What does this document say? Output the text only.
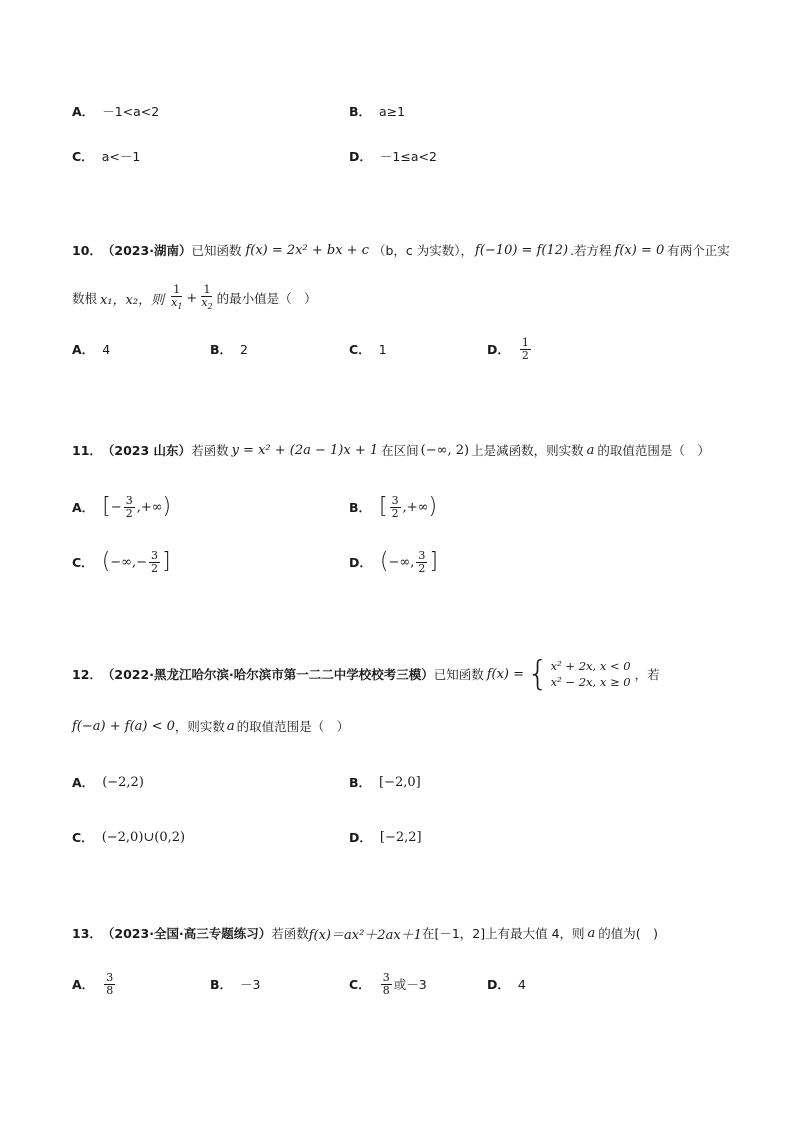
A． －1<a<2	B． a≥1
C． a<－1	D． －1≤a<2
10． （2023·湖南） 已知函数 f(x) = 2x² + bx + c （b，c 为实数）， f(−10) = f(12) .若方程 f(x) = 0 有两个正实
数根 x₁，x₂，则 $\frac{1}{x_1} + \frac{1}{x_2}$ 的最小值是（　）
A． 4	B． 2	C． 1	D． $\frac{1}{2}$
11． （2023 山东） 若函数 y = x² + (2a − 1)x + 1 在区间 (−∞, 2) 上是减函数，则实数 a 的取值范围是（　）
A． [ − $\frac{3}{2}$ ,+∞ )	B． [ $\frac{3}{2}$ ,+∞ )
C． ( −∞, − $\frac{3}{2}$ ]	D． ( −∞, $\frac{3}{2}$ ]
12． （2022·黑龙江哈尔滨·哈尔滨市第一二二中学校校考三模） 已知函数 f(x) = { x² + 2x, x < 0
x² − 2x, x ≥ 0 ，若
f(−a) + f(a) < 0 ，则实数 a 的取值范围是（　）
A． (−2,2)	B． [−2,0]
C． (−2,0)∪(0,2)	D． [−2,2]
13． （2023·全国·高三专题练习） 若函数 f(x)＝ax²＋2ax＋1 在[－1，2]上有最大值 4，则 a 的值为(　)
A． $\frac{3}{8}$	B． －3	C． $\frac{3}{8}$ 或－3	D． 4
